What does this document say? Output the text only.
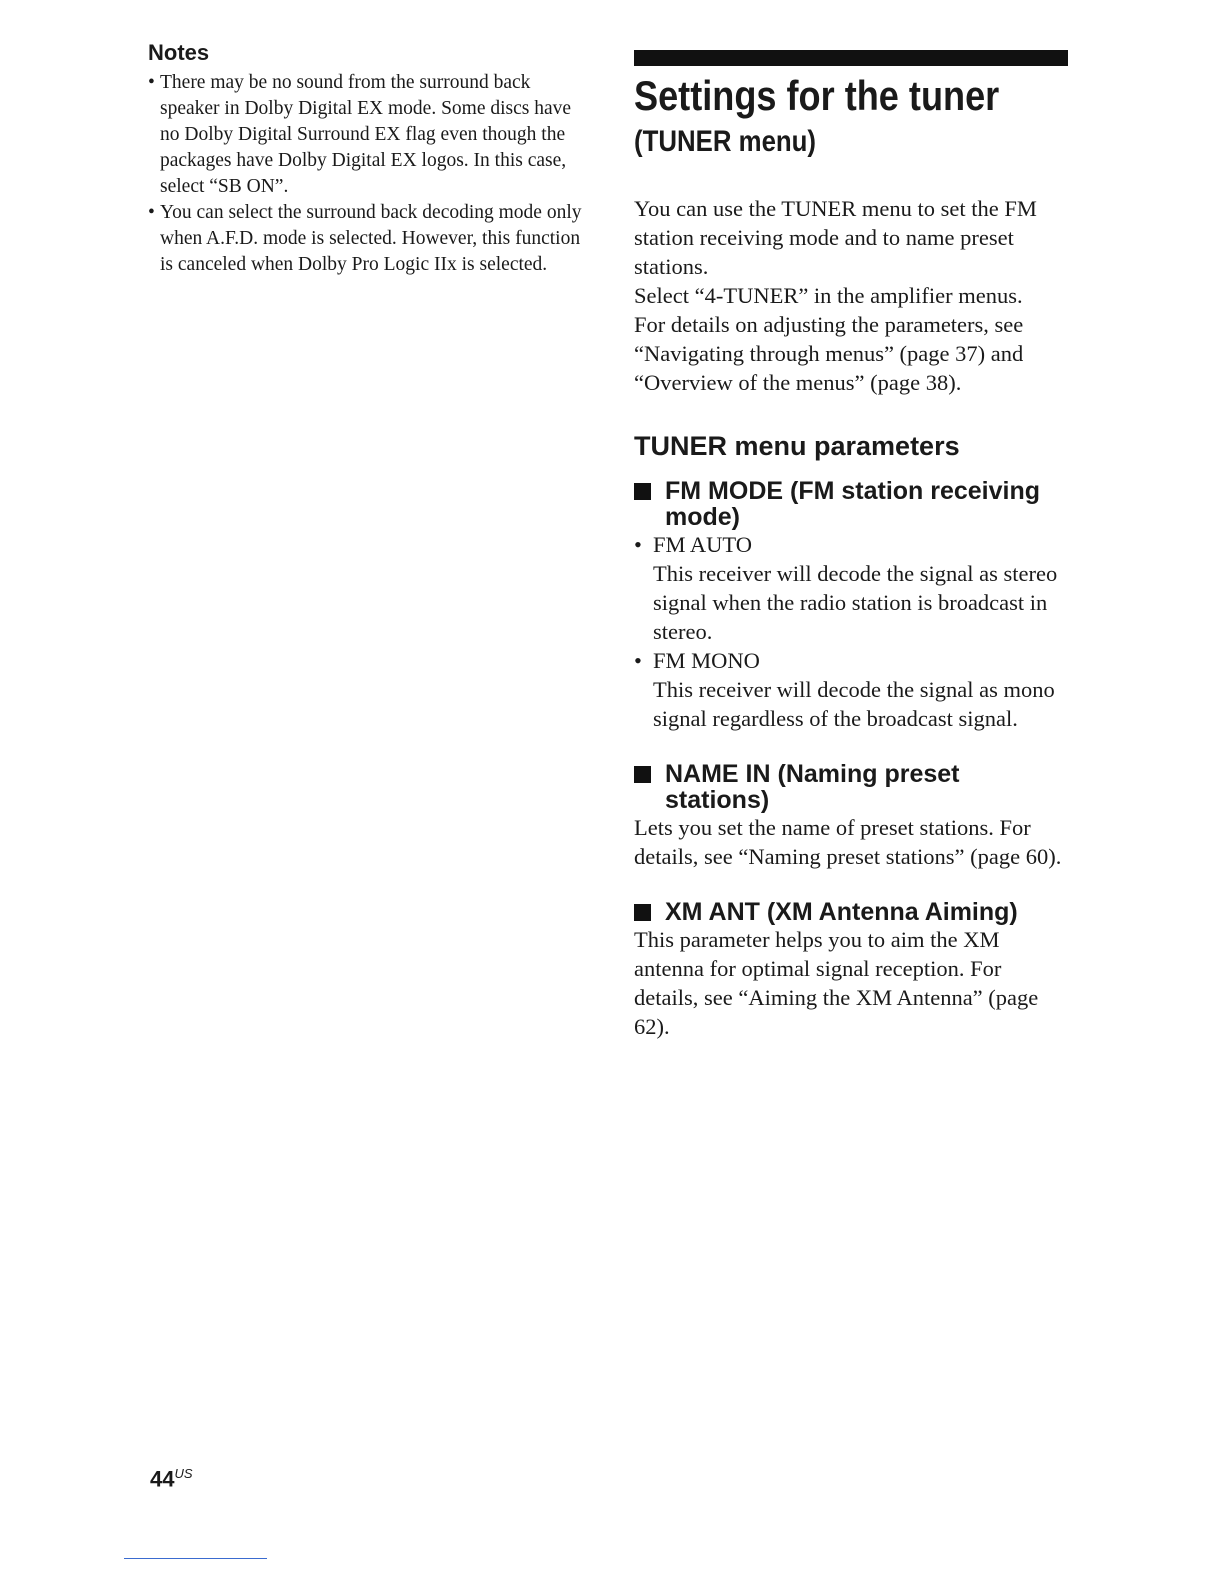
Notes
• There may be no sound from the surround back speaker in Dolby Digital EX mode. Some discs have no Dolby Digital Surround EX flag even though the packages have Dolby Digital EX logos. In this case, select “SB ON”.
• You can select the surround back decoding mode only when A.F.D. mode is selected. However, this function is canceled when Dolby Pro Logic IIx is selected.
Settings for the tuner
(TUNER menu)

You can use the TUNER menu to set the FM station receiving mode and to name preset stations.

Select “4-TUNER” in the amplifier menus.

For details on adjusting the parameters, see “Navigating through menus” (page 37) and “Overview of the menus” (page 38).

TUNER menu parameters
FM MODE (FM station receiving mode)
• FM AUTO
This receiver will decode the signal as stereo signal when the radio station is broadcast in stereo.
• FM MONO
This receiver will decode the signal as mono signal regardless of the broadcast signal.
NAME IN (Naming preset stations)

Lets you set the name of preset stations. For details, see “Naming preset stations” (page 60).

XM ANT (XM Antenna Aiming)

This parameter helps you to aim the XM antenna for optimal signal reception. For details, see “Aiming the XM Antenna” (page 62).

$44^{US}$
